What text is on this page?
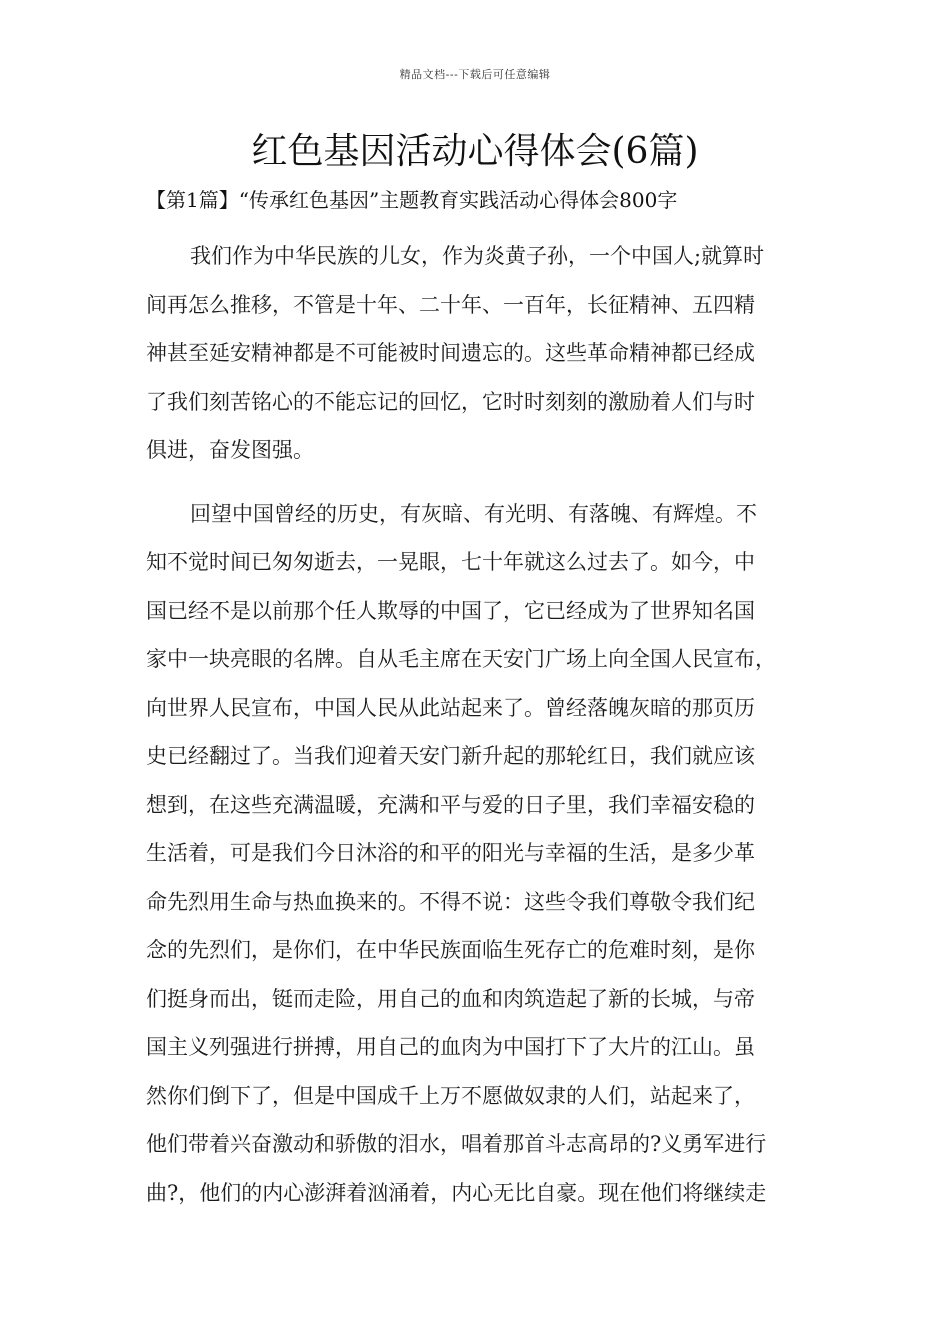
精品文档---下载后可任意编辑
红色基因活动心得体会(6篇)
【第1篇】“传承红色基因”主题教育实践活动心得体会800字

我们作为中华民族的儿女，作为炎黄子孙，一个中国人;就算时
间再怎么推移，不管是十年、二十年、一百年，长征精神、五四精
神甚至延安精神都是不可能被时间遗忘的。这些革命精神都已经成
了我们刻苦铭心的不能忘记的回忆，它时时刻刻的激励着人们与时
俱进，奋发图强。

回望中国曾经的历史，有灰暗、有光明、有落魄、有辉煌。不
知不觉时间已匆匆逝去，一晃眼，七十年就这么过去了。如今，中
国已经不是以前那个任人欺辱的中国了，它已经成为了世界知名国
家中一块亮眼的名牌。自从毛主席在天安门广场上向全国人民宣布，
向世界人民宣布，中国人民从此站起来了。曾经落魄灰暗的那页历
史已经翻过了。当我们迎着天安门新升起的那轮红日，我们就应该
想到，在这些充满温暖，充满和平与爱的日子里，我们幸福安稳的
生活着，可是我们今日沐浴的和平的阳光与幸福的生活，是多少革
命先烈用生命与热血换来的。不得不说：这些令我们尊敬令我们纪
念的先烈们，是你们，在中华民族面临生死存亡的危难时刻，是你
们挺身而出，铤而走险，用自己的血和肉筑造起了新的长城，与帝
国主义列强进行拼搏，用自己的血肉为中国打下了大片的江山。虽
然你们倒下了，但是中国成千上万不愿做奴隶的人们，站起来了，
他们带着兴奋激动和骄傲的泪水，唱着那首斗志高昂的?义勇军进行
曲?，他们的内心澎湃着汹涌着，内心无比自豪。现在他们将继续走
